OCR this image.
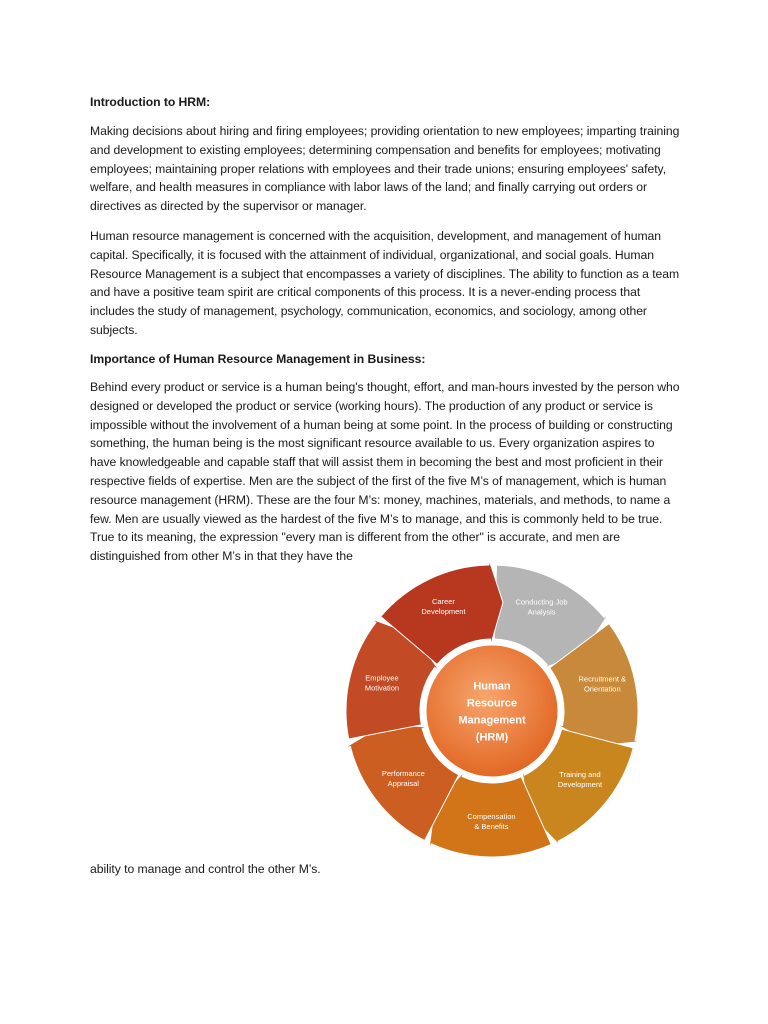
Introduction to HRM:

Making decisions about hiring and firing employees; providing orientation to new employees; imparting training and development to existing employees; determining compensation and benefits for employees; motivating employees; maintaining proper relations with employees and their trade unions; ensuring employees' safety, welfare, and health measures in compliance with labor laws of the land; and finally carrying out orders or directives as directed by the supervisor or manager.

Human resource management is concerned with the acquisition, development, and management of human capital. Specifically, it is focused with the attainment of individual, organizational, and social goals. Human Resource Management is a subject that encompasses a variety of disciplines. The ability to function as a team and have a positive team spirit are critical components of this process. It is a never-ending process that includes the study of management, psychology, communication, economics, and sociology, among other subjects.

Importance of Human Resource Management in Business:

Behind every product or service is a human being's thought, effort, and man-hours invested by the person who designed or developed the product or service (working hours). The production of any product or service is impossible without the involvement of a human being at some point. In the process of building or constructing something, the human being is the most significant resource available to us. Every organization aspires to have knowledgeable and capable staff that will assist them in becoming the best and most proficient in their respective fields of expertise. Men are the subject of the first of the five M’s of management, which is human resource management (HRM). These are the four M’s: money, machines, materials, and methods, to name a few. Men are usually viewed as the hardest of the five M’s to manage, and this is commonly held to be true. True to its meaning, the expression "every man is different from the other" is accurate, and men are distinguished from other M’s in that they have the

Conducting Job Analysis
Recruitment & Orientation
Training and Development
Compensation & Benefits
Performance Appraisal
Employee Motivation
Career Development
Human
Resource
Management
(HRM)

ability to manage and control the other M’s.
